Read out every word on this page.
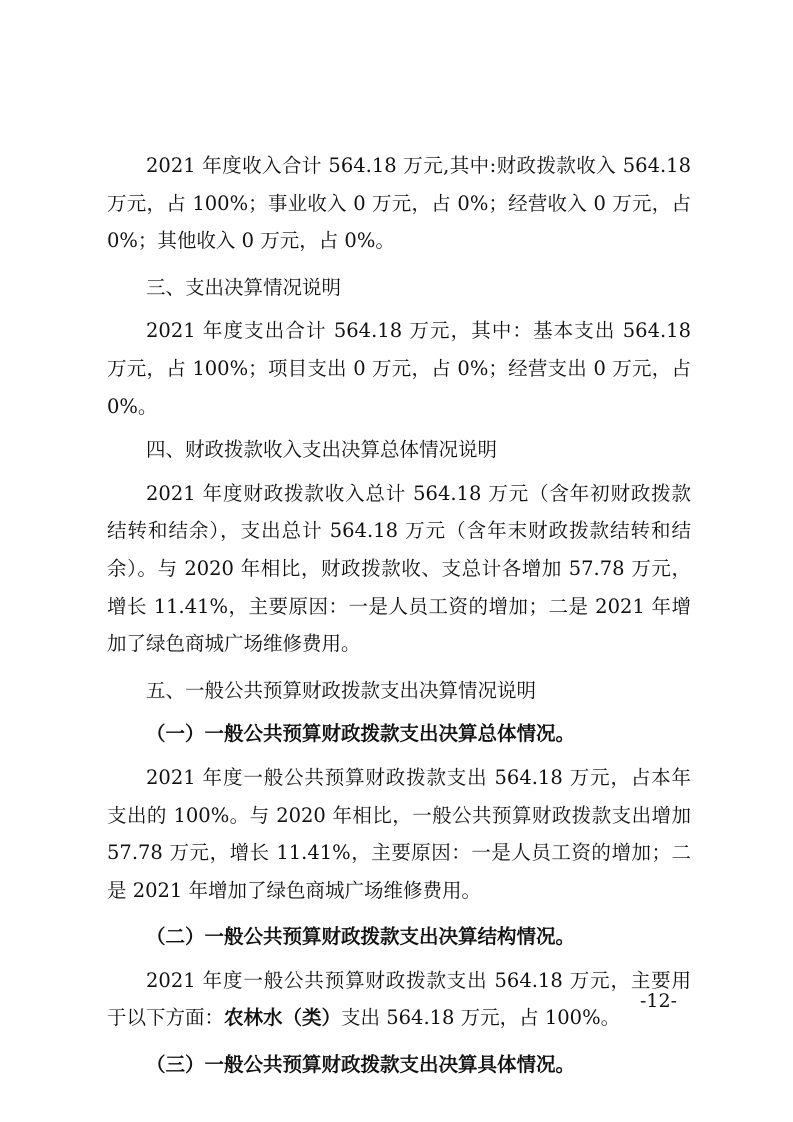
2021 年度收入合计 564.18 万元,其中:财政拨款收入 564.18 万元，占 100%；事业收入 0 万元，占 0%；经营收入 0 万元，占 0%；其他收入 0 万元，占 0%。

三、支出决算情况说明

2021 年度支出合计 564.18 万元，其中：基本支出 564.18 万元，占 100%；项目支出 0 万元，占 0%；经营支出 0 万元，占 0%。

四、财政拨款收入支出决算总体情况说明

2021 年度财政拨款收入总计 564.18 万元（含年初财政拨款结转和结余），支出总计 564.18 万元（含年末财政拨款结转和结余）。与 2020 年相比，财政拨款收、支总计各增加 57.78 万元，增长 11.41%，主要原因：一是人员工资的增加；二是 2021 年增加了绿色商城广场维修费用。

五、一般公共预算财政拨款支出决算情况说明

（一）一般公共预算财政拨款支出决算总体情况。

2021 年度一般公共预算财政拨款支出 564.18 万元，占本年支出的 100%。与 2020 年相比，一般公共预算财政拨款支出增加 57.78 万元，增长 11.41%，主要原因：一是人员工资的增加；二是 2021 年增加了绿色商城广场维修费用。

（二）一般公共预算财政拨款支出决算结构情况。

2021 年度一般公共预算财政拨款支出 564.18 万元，主要用于以下方面：农林水（类）支出 564.18 万元，占 100%。

（三）一般公共预算财政拨款支出决算具体情况。

-12-
